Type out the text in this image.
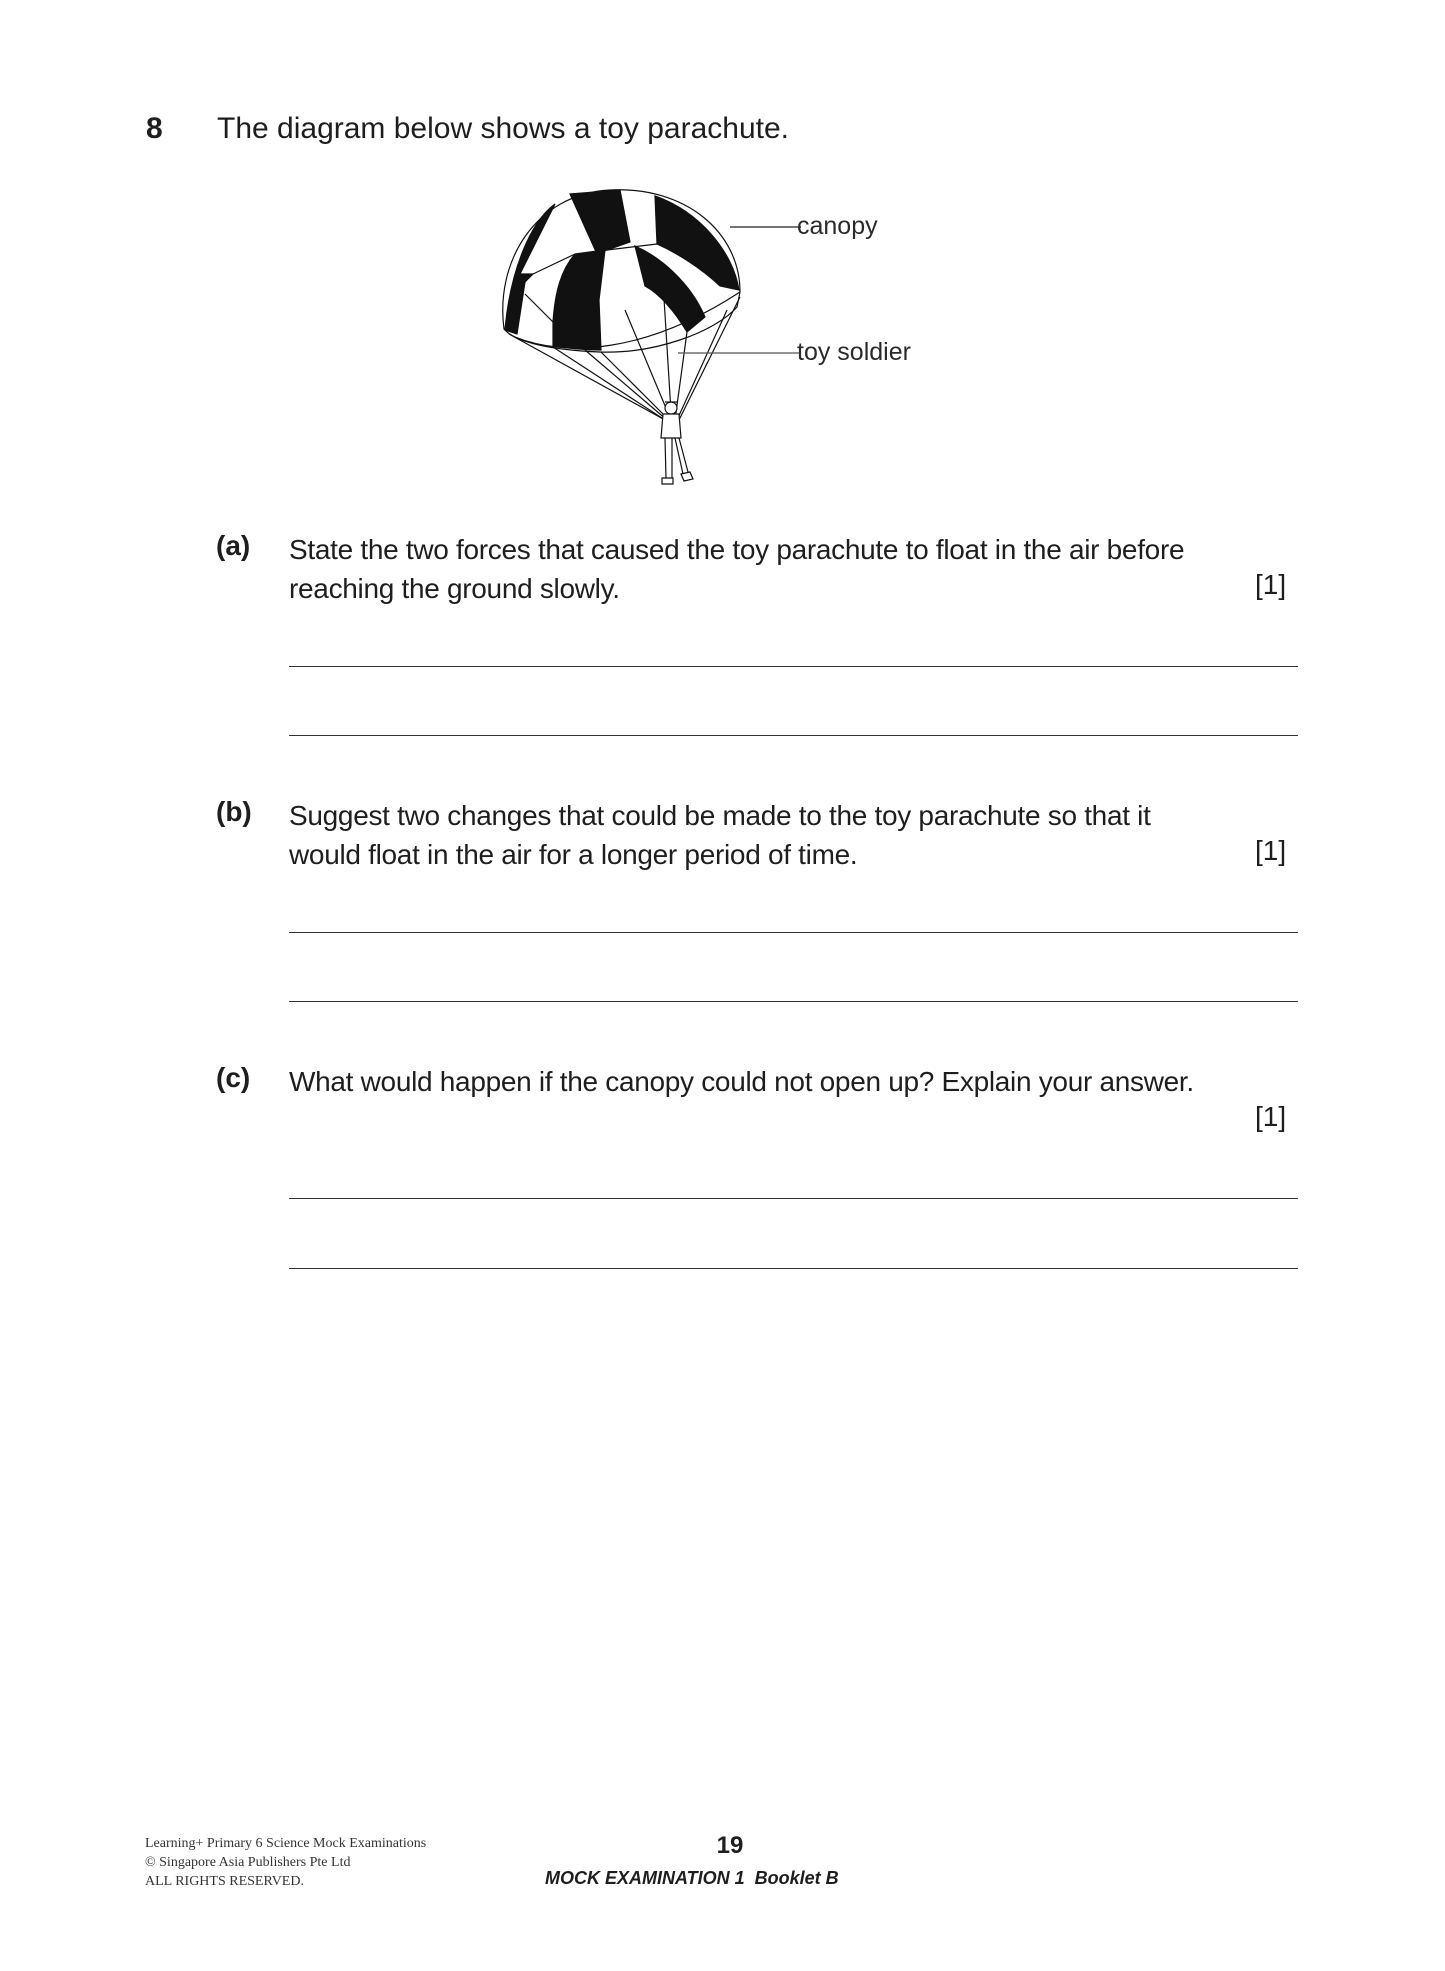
8 The diagram below shows a toy parachute.
canopy
toy soldier
(a) State the two forces that caused the toy parachute to float in the air before
reaching the ground slowly.	[1]
(b) Suggest two changes that could be made to the toy parachute so that it
would float in the air for a longer period of time.	[1]
(c) What would happen if the canopy could not open up? Explain your answer.
[1]
Learning+ Primary 6 Science Mock Examinations
© Singapore Asia Publishers Pte Ltd
ALL RIGHTS RESERVED.
19
MOCK EXAMINATION 1  Booklet B
